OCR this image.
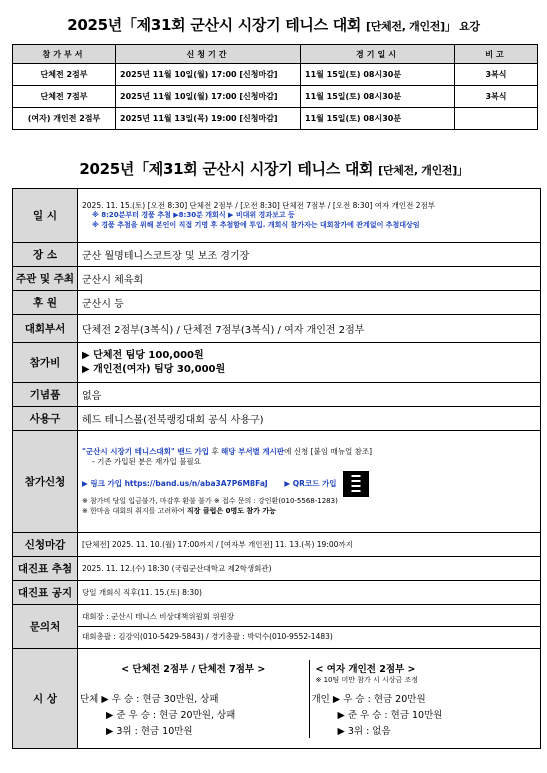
2025년「제31회 군산시 시장기 테니스 대회 [단체전, 개인전]」 요강
참가부서	신청기간	경기일시	비고
단체전 2점부	2025년 11월 10일(월) 17:00 [신청마감]	11월 15일(토) 08시30분	3복식
단체전 7점부	2025년 11월 10일(월) 17:00 [신청마감]	11월 15일(토) 08시30분	3복식
(여자) 개인전 2점부	2025년 11월 13일(목) 19:00 [신청마감]	11월 15일(토) 08시30분	
2025년「제31회 군산시 시장기 테니스 대회 [단체전, 개인전]」
일 시	
2025. 11. 15.(토) [오전 8:30] 단체전 2점부 / [오전 8:30] 단체전 7점부 / [오전 8:30] 여자 개인전 2점부
※ 8:20분부터 경품 추첨 ▶8:30분 개회식 ▶ 비대위 경과보고 등
※ 경품 추첨을 위해 본인이 직접 기명 후 추첨함에 투입. 개회식 참가자는 대회참가에 관계없이 추첨대상임

장 소	군산 월명테니스코트장 및 보조 경기장
주관 및 주최	군산시 체육회
후 원	군산시 등
대회부서	단체전 2점부(3복식) / 단체전 7점부(3복식) / 여자 개인전 2점부
참가비	
▶ 단체전 팀당 100,000원
▶ 개인전(여자) 팀당 30,000원

기념품	없음
사용구	헤드 테니스볼(전북랭킹대회 공식 사용구)
참가신청	
"군산시 시장기 테니스대회" 밴드 가입 후 해당 부서별 게시판에 신청 [붙임 매뉴얼 참조]
- 기존 가입된 분은 재가입 불필요
▶ 링크 가입 https://band.us/n/aba3A7P6M8FaJ ▶ QR코드 가입
※ 참가비 당일 입금불가, 마감후 환불 불가 ※ 접수 문의 : 강인환(010-5568-1283)
※ 한마음 대회의 취지를 고려하여 직장 클럽은 0명도 참가 가능

신청마감	[단체전] 2025. 11. 10.(월) 17:00까지 / [여자부 개인전] 11. 13.(목) 19:00까지
대진표 추첨	2025. 11. 12.(수) 18:30 (국립군산대학교 제2학생회관)
대진표 공지	당일 개회식 직후(11. 15.(토) 8:30)
문의처	
대회장 : 군산시 테니스 비상대책위원회 위원장
대회총괄 : 김강익(010-5429-5843) / 경기총괄 : 박덕수(010-9552-1483)

시 상	
< 단체전 2점부 / 단체전 7점부 >	< 여자 개인전 2점부 >
※ 10팀 미만 참가 시 시상금 조정

단체 ▶ 우 승 : 현금 30만원, 상패	개인 ▶ 우 승 : 현금 20만원
▶ 준 우 승 : 현금 20만원, 상패	▶ 준 우 승 : 현금 10만원
▶ 3위 : 현금 10만원	▶ 3위 : 없음
